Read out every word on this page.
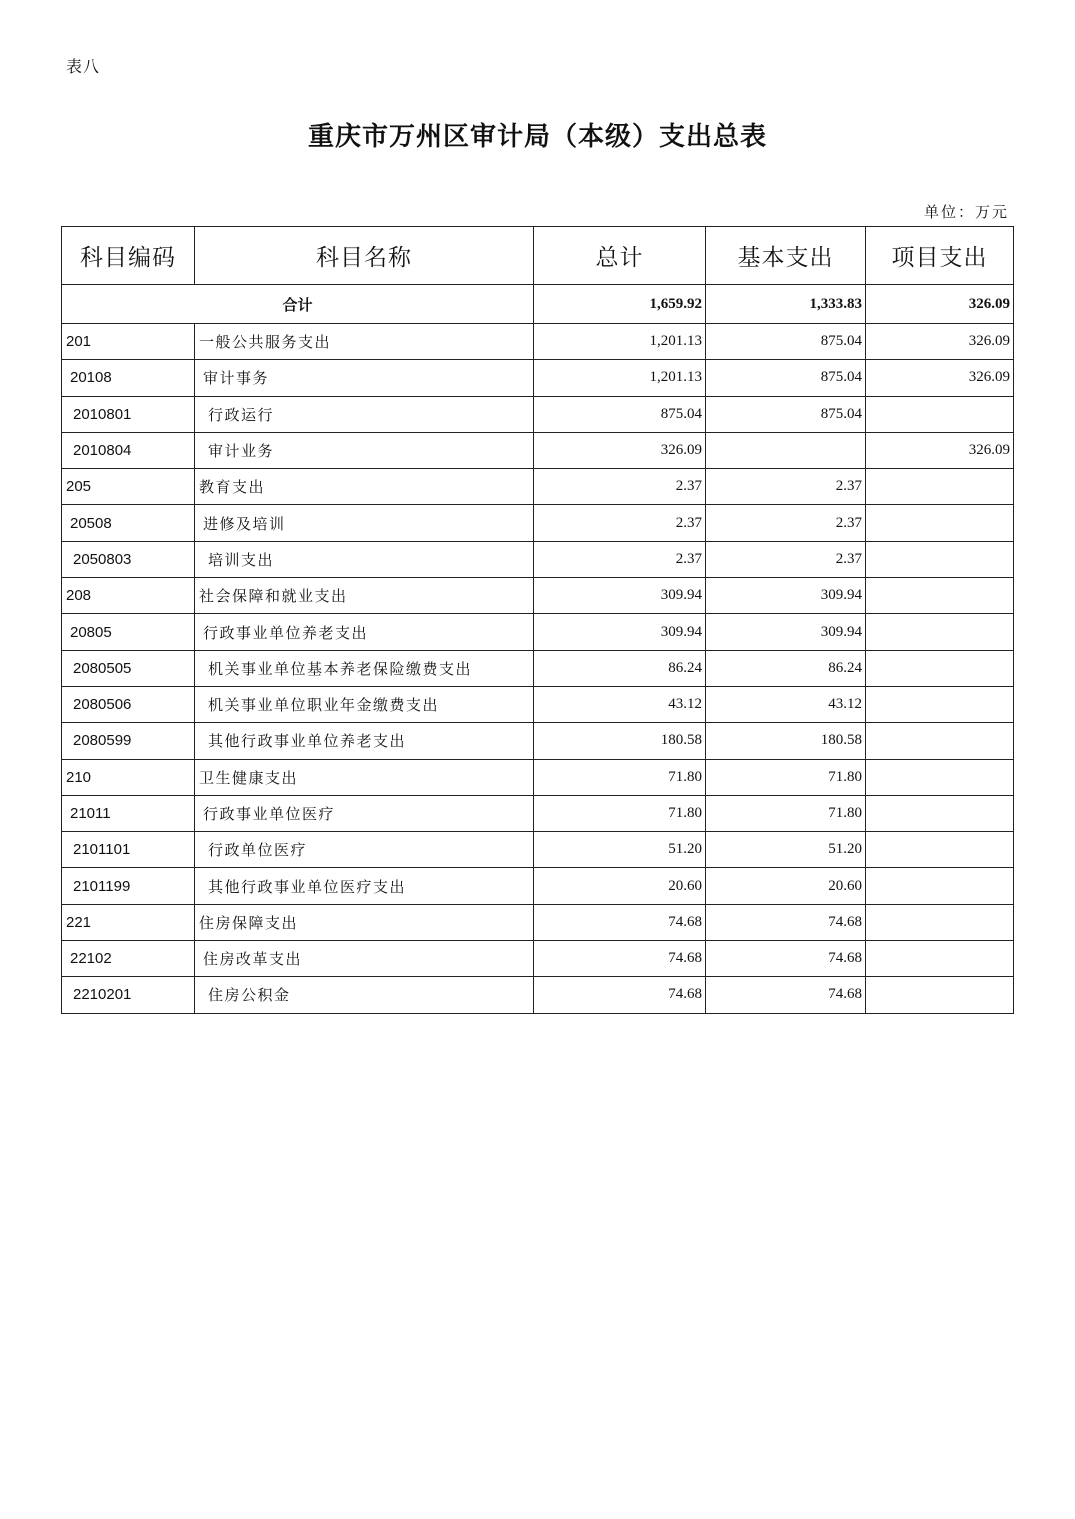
表八
重庆市万州区审计局（本级）支出总表
单位：万元
科目编码	科目名称	总计	基本支出	项目支出
合计		1,659.92	1,333.83	326.09
201	一般公共服务支出	1,201.13	875.04	326.09
20108	审计事务	1,201.13	875.04	326.09
2010801	行政运行	875.04	875.04	
2010804	审计业务	326.09		326.09
205	教育支出	2.37	2.37	
20508	进修及培训	2.37	2.37	
2050803	培训支出	2.37	2.37	
208	社会保障和就业支出	309.94	309.94	
20805	行政事业单位养老支出	309.94	309.94	
2080505	机关事业单位基本养老保险缴费支出	86.24	86.24	
2080506	机关事业单位职业年金缴费支出	43.12	43.12	
2080599	其他行政事业单位养老支出	180.58	180.58	
210	卫生健康支出	71.80	71.80	
21011	行政事业单位医疗	71.80	71.80	
2101101	行政单位医疗	51.20	51.20	
2101199	其他行政事业单位医疗支出	20.60	20.60	
221	住房保障支出	74.68	74.68	
22102	住房改革支出	74.68	74.68	
2210201	住房公积金	74.68	74.68	
